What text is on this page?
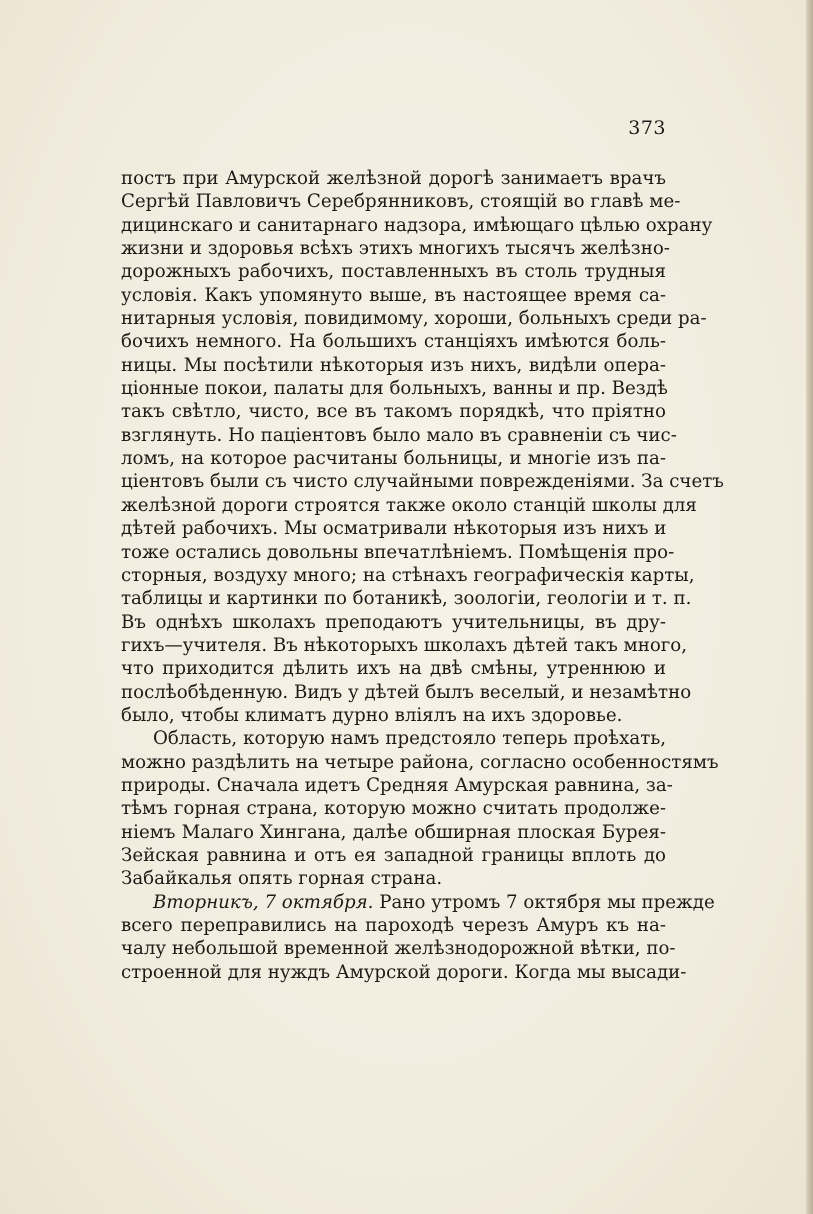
373
постъ при Амурской желѣзной дорогѣ занимаетъ врачъ
Сергѣй Павловичъ Серебрянниковъ, стоящій во главѣ ме-
дицинскаго и санитарнаго надзора, имѣющаго цѣлью охрану
жизни и здоровья всѣхъ этихъ многихъ тысячъ желѣзно-
дорожныхъ рабочихъ, поставленныхъ въ столь трудныя
условія. Какъ упомянуто выше, въ настоящее время са-
нитарныя условія, повидимому, хороши, больныхъ среди ра-
бочихъ немного. На большихъ станціяхъ имѣются боль-
ницы. Мы посѣтили нѣкоторыя изъ нихъ, видѣли опера-
ціонные покои, палаты для больныхъ, ванны и пр. Вездѣ
такъ свѣтло, чисто, все въ такомъ порядкѣ, что пріятно
взглянуть. Но паціентовъ было мало въ сравненіи съ чис-
ломъ, на которое расчитаны больницы, и многіе изъ па-
ціентовъ были съ чисто случайными поврежденіями. За счетъ
желѣзной дороги строятся также около станцій школы для
дѣтей рабочихъ. Мы осматривали нѣкоторыя изъ нихъ и
тоже остались довольны впечатлѣніемъ. Помѣщенія про-
сторныя, воздуху много; на стѣнахъ географическія карты,
таблицы и картинки по ботаникѣ, зоологіи, геологіи и т. п.
Въ однѣхъ школахъ преподаютъ учительницы, въ дру-
гихъ—учителя. Въ нѣкоторыхъ школахъ дѣтей такъ много,
что приходится дѣлить ихъ на двѣ смѣны, утреннюю и
послѣобѣденную. Видъ у дѣтей былъ веселый, и незамѣтно
было, чтобы климатъ дурно вліялъ на ихъ здоровье.
Область, которую намъ предстояло теперь проѣхать,
можно раздѣлить на четыре района, согласно особенностямъ
природы. Сначала идетъ Средняя Амурская равнина, за-
тѣмъ горная страна, которую можно считать продолже-
ніемъ Малаго Хингана, далѣе обширная плоская Бурея-
Зейская равнина и отъ ея западной границы вплоть до
Забайкалья опять горная страна.
Вторникъ, 7 октября. Рано утромъ 7 октября мы прежде
всего переправились на пароходѣ черезъ Амуръ къ на-
чалу небольшой временной желѣзнодорожной вѣтки, по-
строенной для нуждъ Амурской дороги. Когда мы высади-
